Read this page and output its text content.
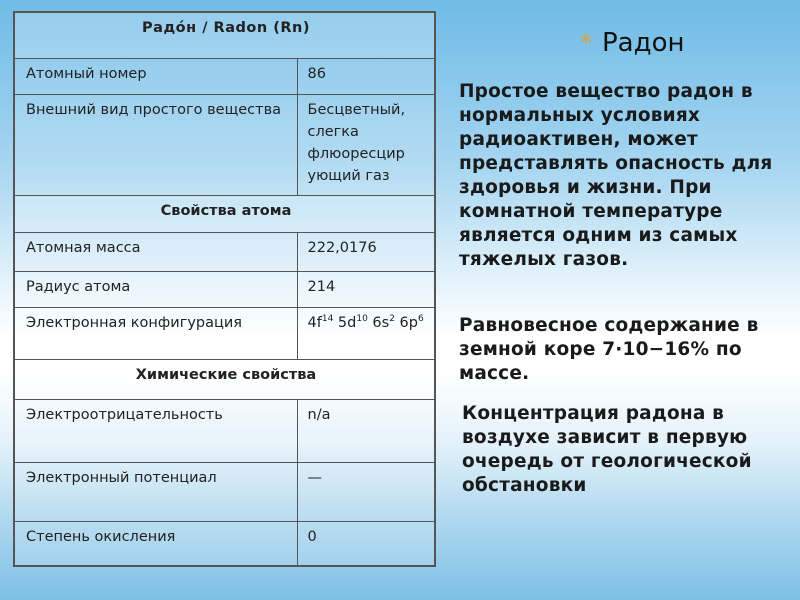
Радóн / Radon (Rn)	
Атомный номер	86
Внешний вид простого вещества	Бесцветный,
слегка
флюоресцир
ующий газ
Свойства атома	
Атомная масса	222,0176
Радиус атома	214
Электронная конфигурация	$4f^{14}$ $5d^{10}$ $6s^2$ $6p^6$
Химические свойства	
Электроотрицательность	n/a
Электронный потенциал	—
Степень окисления	0
* Радон

Простое вещество радон в нормальных условиях радиоактивен, может представлять опасность для здоровья и жизни. При комнатной температуре является одним из самых тяжелых газов.

Равновесное содержание в земной коре 7·10−16% по массе.

Концентрация радона в воздухе зависит в первую очередь от геологической обстановки
